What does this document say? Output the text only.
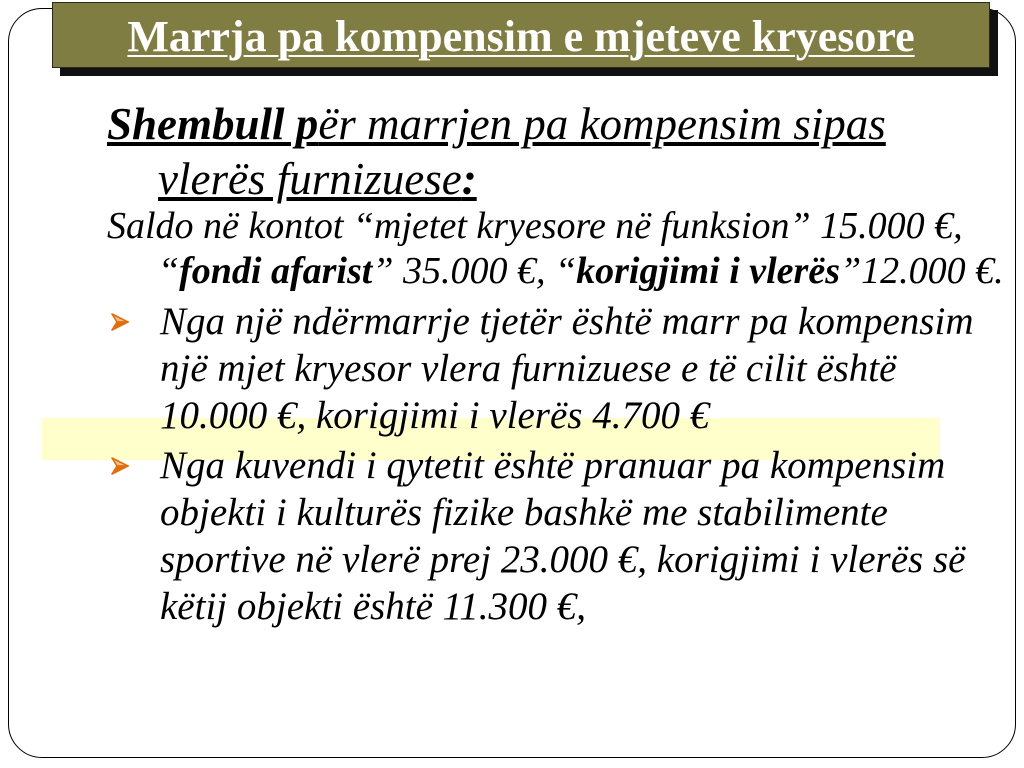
Marrja pa kompensim e mjeteve kryesore
Shembull për marrjen pa kompensim sipas
vlerës furnizuese:
Saldo në kontot “mjetet kryesore në funksion” 15.000 €,
“fondi afarist” 35.000 €, “korigjimi i vlerës”12.000 €.
Nga një ndërmarrje tjetër është marr pa kompensim
një mjet kryesor vlera furnizuese e të cilit është
10.000 €, korigjimi i vlerës 4.700 €
Nga kuvendi i qytetit është pranuar pa kompensim
objekti i kulturës fizike bashkë me stabilimente
sportive në vlerë prej 23.000 €, korigjimi i vlerës së
këtij objekti është 11.300 €,
